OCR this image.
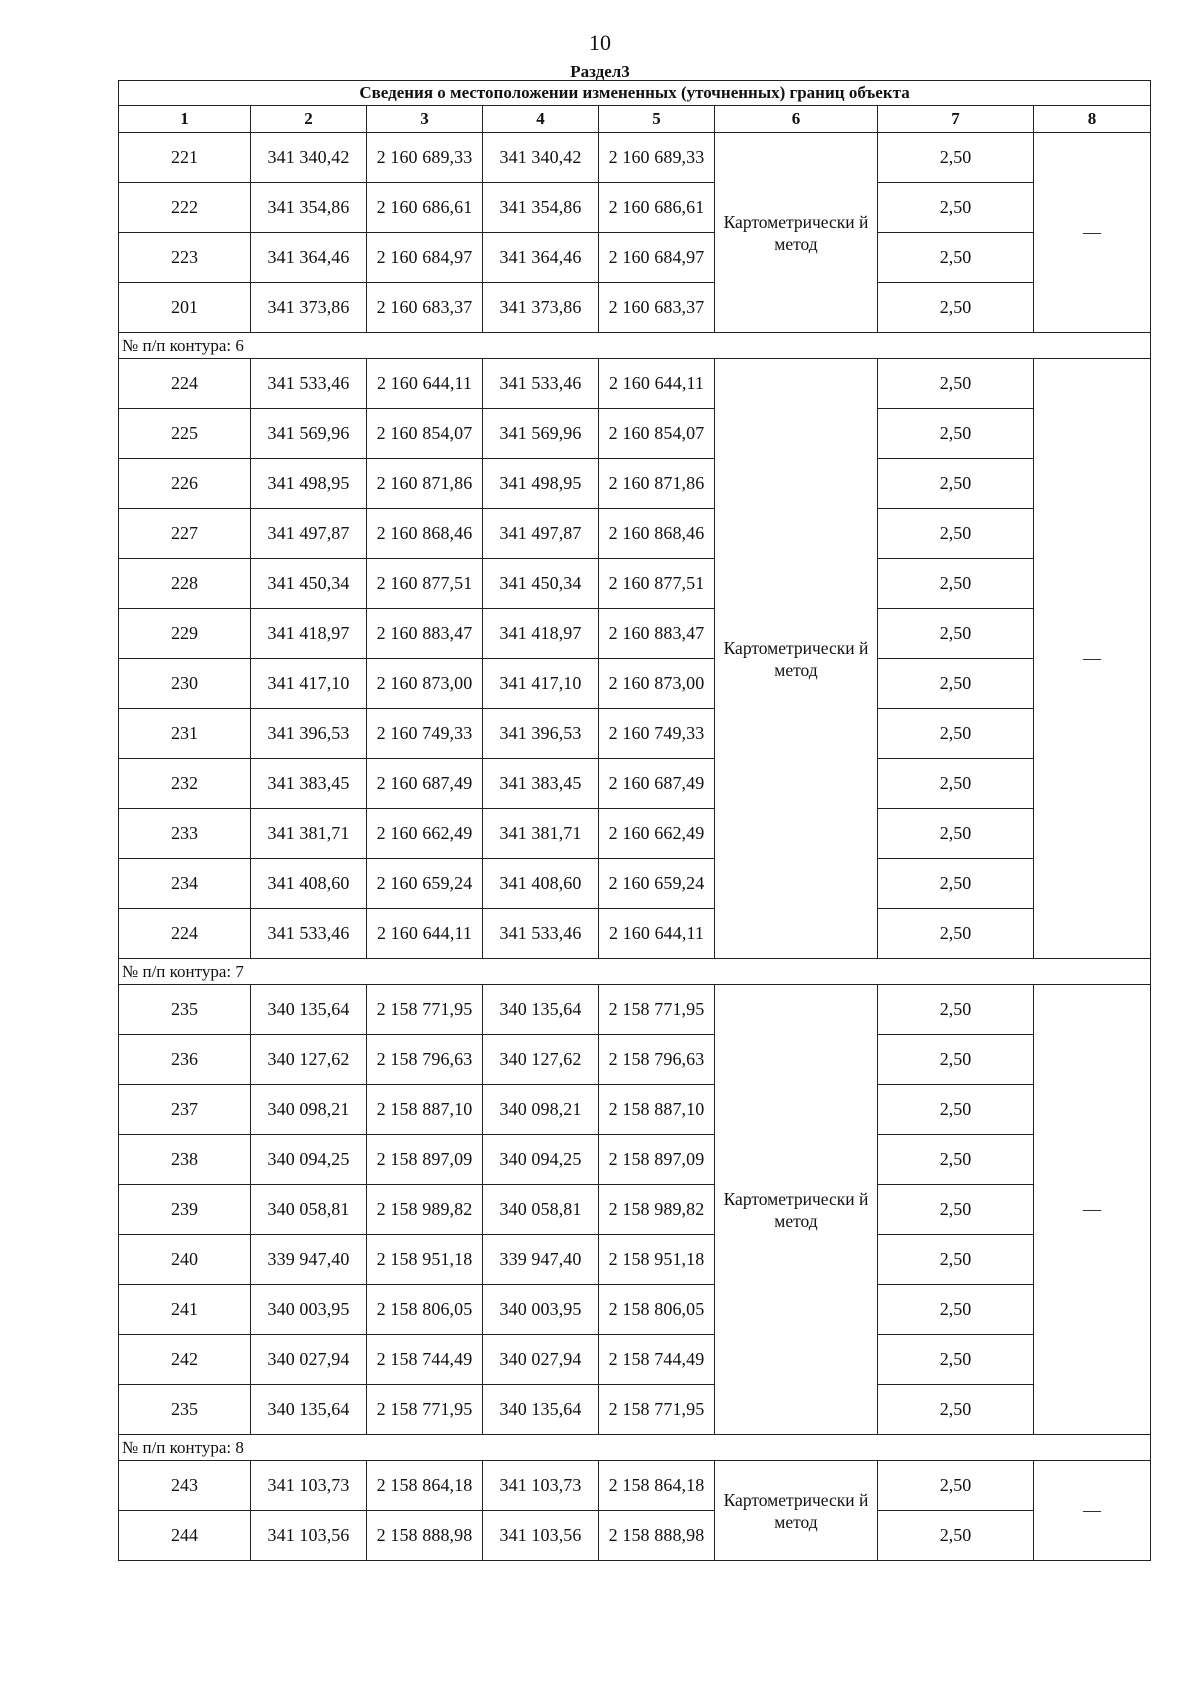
10
Раздел3
Сведения о местоположении измененных (уточненных) границ объекта							
1	2	3	4	5	6	7	8
221	341 340,42	2 160 689,33	341 340,42	2 160 689,33	Картометрически й метод	2,50	—
222	341 354,86	2 160 686,61	341 354,86	2 160 686,61		2,50	
223	341 364,46	2 160 684,97	341 364,46	2 160 684,97		2,50	
201	341 373,86	2 160 683,37	341 373,86	2 160 683,37		2,50	
№ п/п контура: 6							
224	341 533,46	2 160 644,11	341 533,46	2 160 644,11	Картометрически й метод	2,50	—
225	341 569,96	2 160 854,07	341 569,96	2 160 854,07		2,50	
226	341 498,95	2 160 871,86	341 498,95	2 160 871,86		2,50	
227	341 497,87	2 160 868,46	341 497,87	2 160 868,46		2,50	
228	341 450,34	2 160 877,51	341 450,34	2 160 877,51		2,50	
229	341 418,97	2 160 883,47	341 418,97	2 160 883,47		2,50	
230	341 417,10	2 160 873,00	341 417,10	2 160 873,00		2,50	
231	341 396,53	2 160 749,33	341 396,53	2 160 749,33		2,50	
232	341 383,45	2 160 687,49	341 383,45	2 160 687,49		2,50	
233	341 381,71	2 160 662,49	341 381,71	2 160 662,49		2,50	
234	341 408,60	2 160 659,24	341 408,60	2 160 659,24		2,50	
224	341 533,46	2 160 644,11	341 533,46	2 160 644,11		2,50	
№ п/п контура: 7							
235	340 135,64	2 158 771,95	340 135,64	2 158 771,95	Картометрически й метод	2,50	—
236	340 127,62	2 158 796,63	340 127,62	2 158 796,63		2,50	
237	340 098,21	2 158 887,10	340 098,21	2 158 887,10		2,50	
238	340 094,25	2 158 897,09	340 094,25	2 158 897,09		2,50	
239	340 058,81	2 158 989,82	340 058,81	2 158 989,82		2,50	
240	339 947,40	2 158 951,18	339 947,40	2 158 951,18		2,50	
241	340 003,95	2 158 806,05	340 003,95	2 158 806,05		2,50	
242	340 027,94	2 158 744,49	340 027,94	2 158 744,49		2,50	
235	340 135,64	2 158 771,95	340 135,64	2 158 771,95		2,50	
№ п/п контура: 8							
243	341 103,73	2 158 864,18	341 103,73	2 158 864,18	Картометрически й метод	2,50	—
244	341 103,56	2 158 888,98	341 103,56	2 158 888,98		2,50	
